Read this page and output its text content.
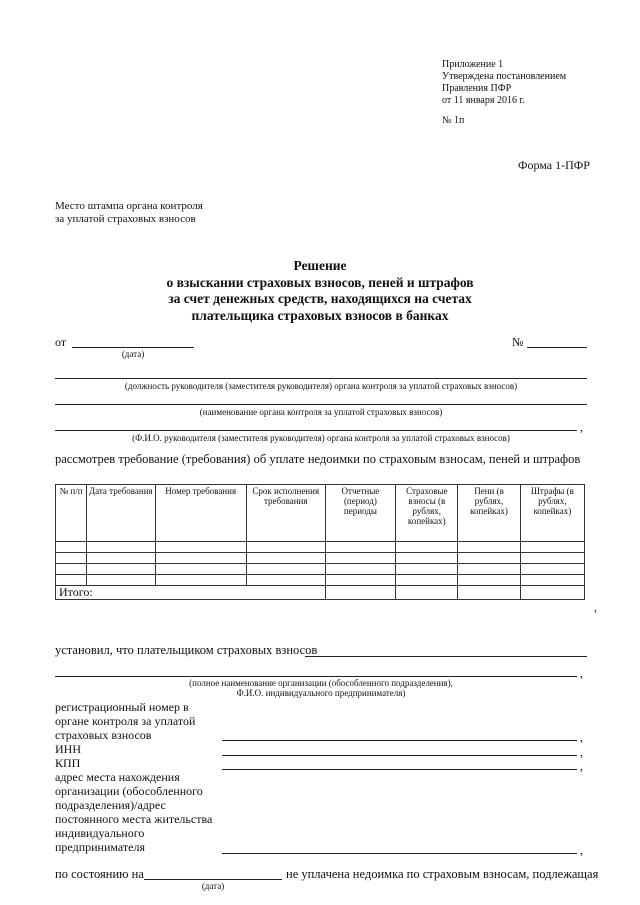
Приложение 1
Утверждена постановлением
Правления ПФР
от 11 января 2016 г.
№ 1п
Форма 1-ПФР
Место штампа органа контроля
за уплатой страховых взносов
Решение
о взыскании страховых взносов, пеней и штрафов
за счет денежных средств, находящихся на счетах
плательщика страховых взносов в банках
от
(дата)
№
(должность руководителя (заместителя руководителя) органа контроля за уплатой страховых взносов)
(наименование органа контроля за уплатой страховых взносов)
,
(Ф.И.О. руководителя (заместителя руководителя) органа контроля за уплатой страховых взносов)
рассмотрев требование (требования) об уплате недоимки по страховым взносам, пеней и штрафов
№ п/п	Дата требования	Номер требования	Срок исполнения требования	Отчетные (период) периоды	Страховые взносы (в рублях, копейках)	Пени (в рублях, копейках)	Штрафы (в рублях, копейках)

Итого:							
,
установил, что плательщиком страховых взносов
,
(полное наименование организации (обособленного подразделения),
Ф.И.О. индивидуального предпринимателя)
регистрационный номер в органе контроля за уплатой страховых взносов	,
ИНН	,
КПП	,
адрес места нахождения организации (обособленного подразделения)/адрес постоянного места жительства индивидуального предпринимателя	,
по состоянию на
(дата)
не уплачена недоимка по страховым взносам, подлежащая
